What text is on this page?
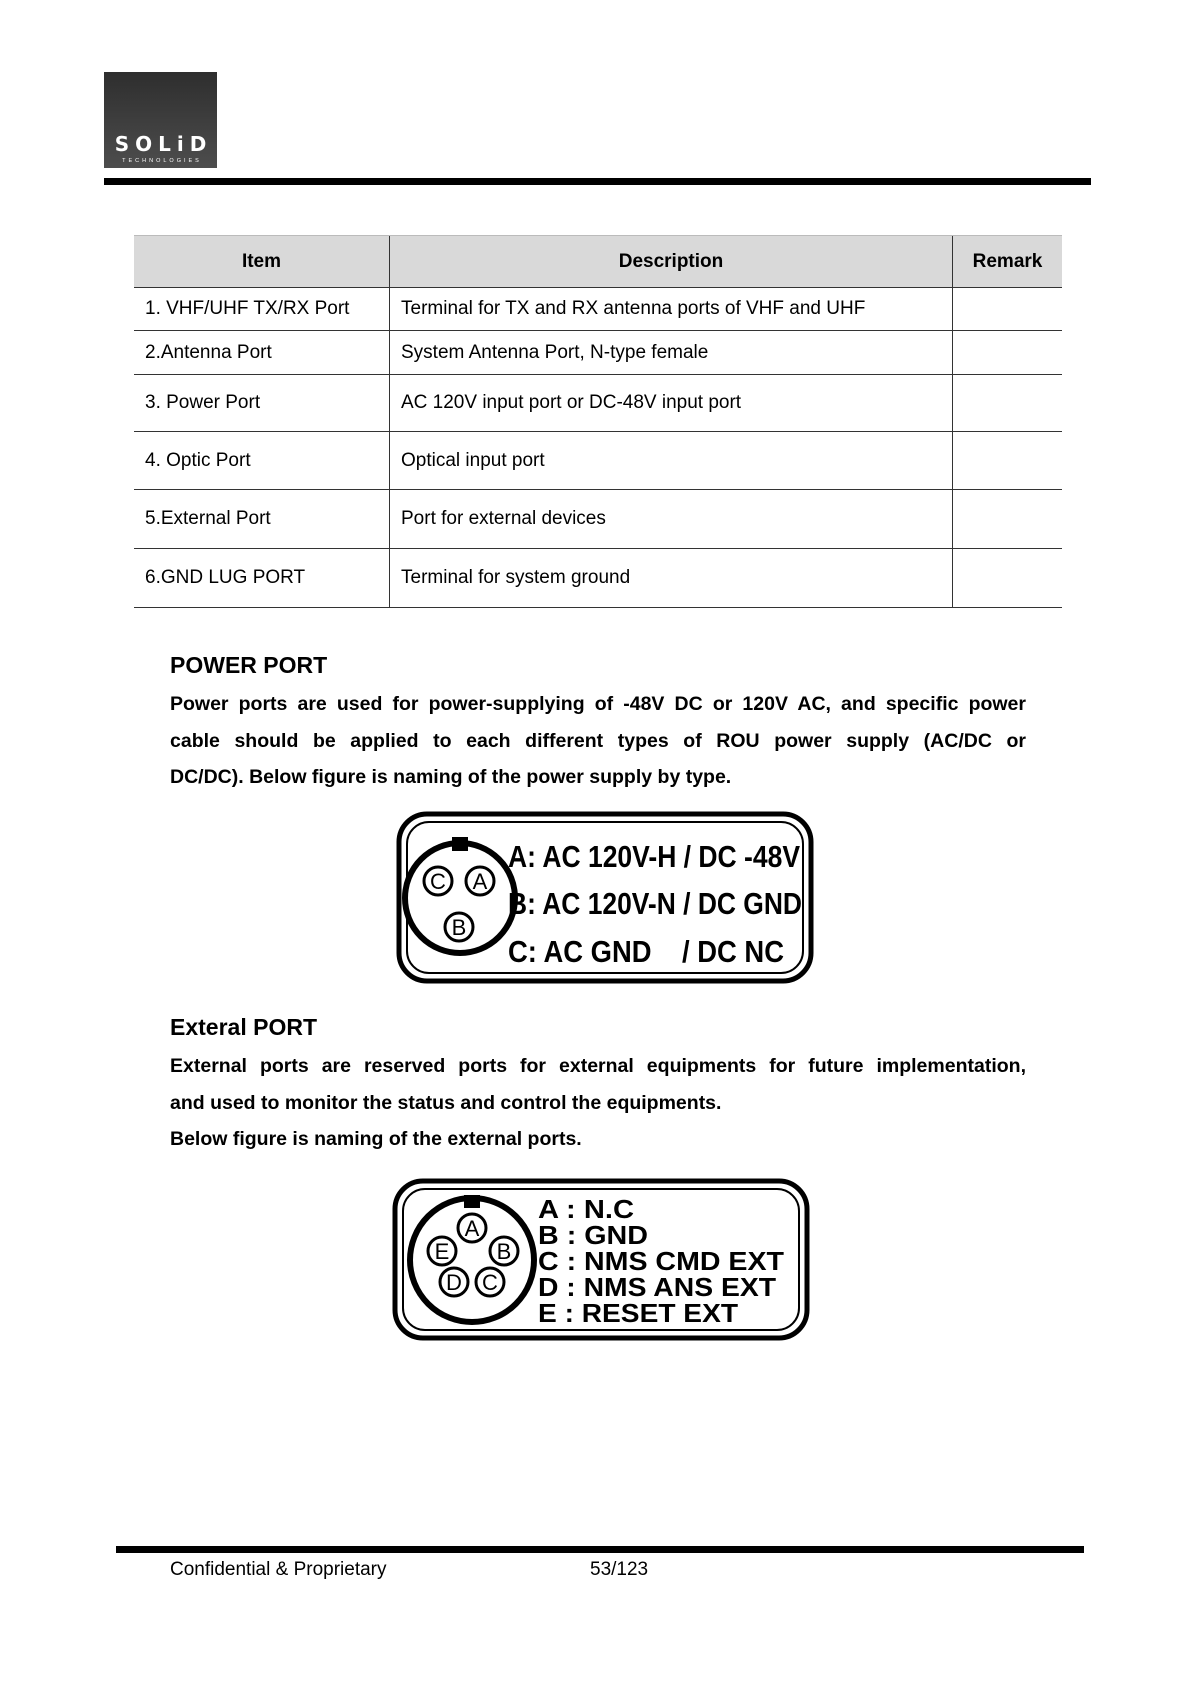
SOLiD
TECHNOLOGIES
Item	Description	Remark
1. VHF/UHF TX/RX Port	Terminal for TX and RX antenna ports of VHF and UHF	
2.Antenna Port	System Antenna Port, N-type female	
3. Power Port	AC 120V input port or DC-48V input port	
4. Optic Port	Optical input port	
5.External Port	Port for external devices	
6.GND LUG PORT	Terminal for system ground	
POWER PORT
Power ports are used for power-supplying of -48V DC or 120V AC, and specific power
cable should be applied to each different types of ROU power supply (AC/DC or
DC/DC). Below figure is naming of the power supply by type.
C A
B
A: AC 120V-H / DC -48V
B: AC 120V-N / DC GND
C: AC GND    / DC NC
Exteral PORT
External ports are reserved ports for external equipments for future implementation,
and used to monitor the status and control the equipments.
Below figure is naming of the external ports.
A
E B
D C
A : N.C
B : GND
C : NMS CMD EXT
D : NMS ANS EXT
E : RESET EXT
Confidential & Proprietary	53/123
